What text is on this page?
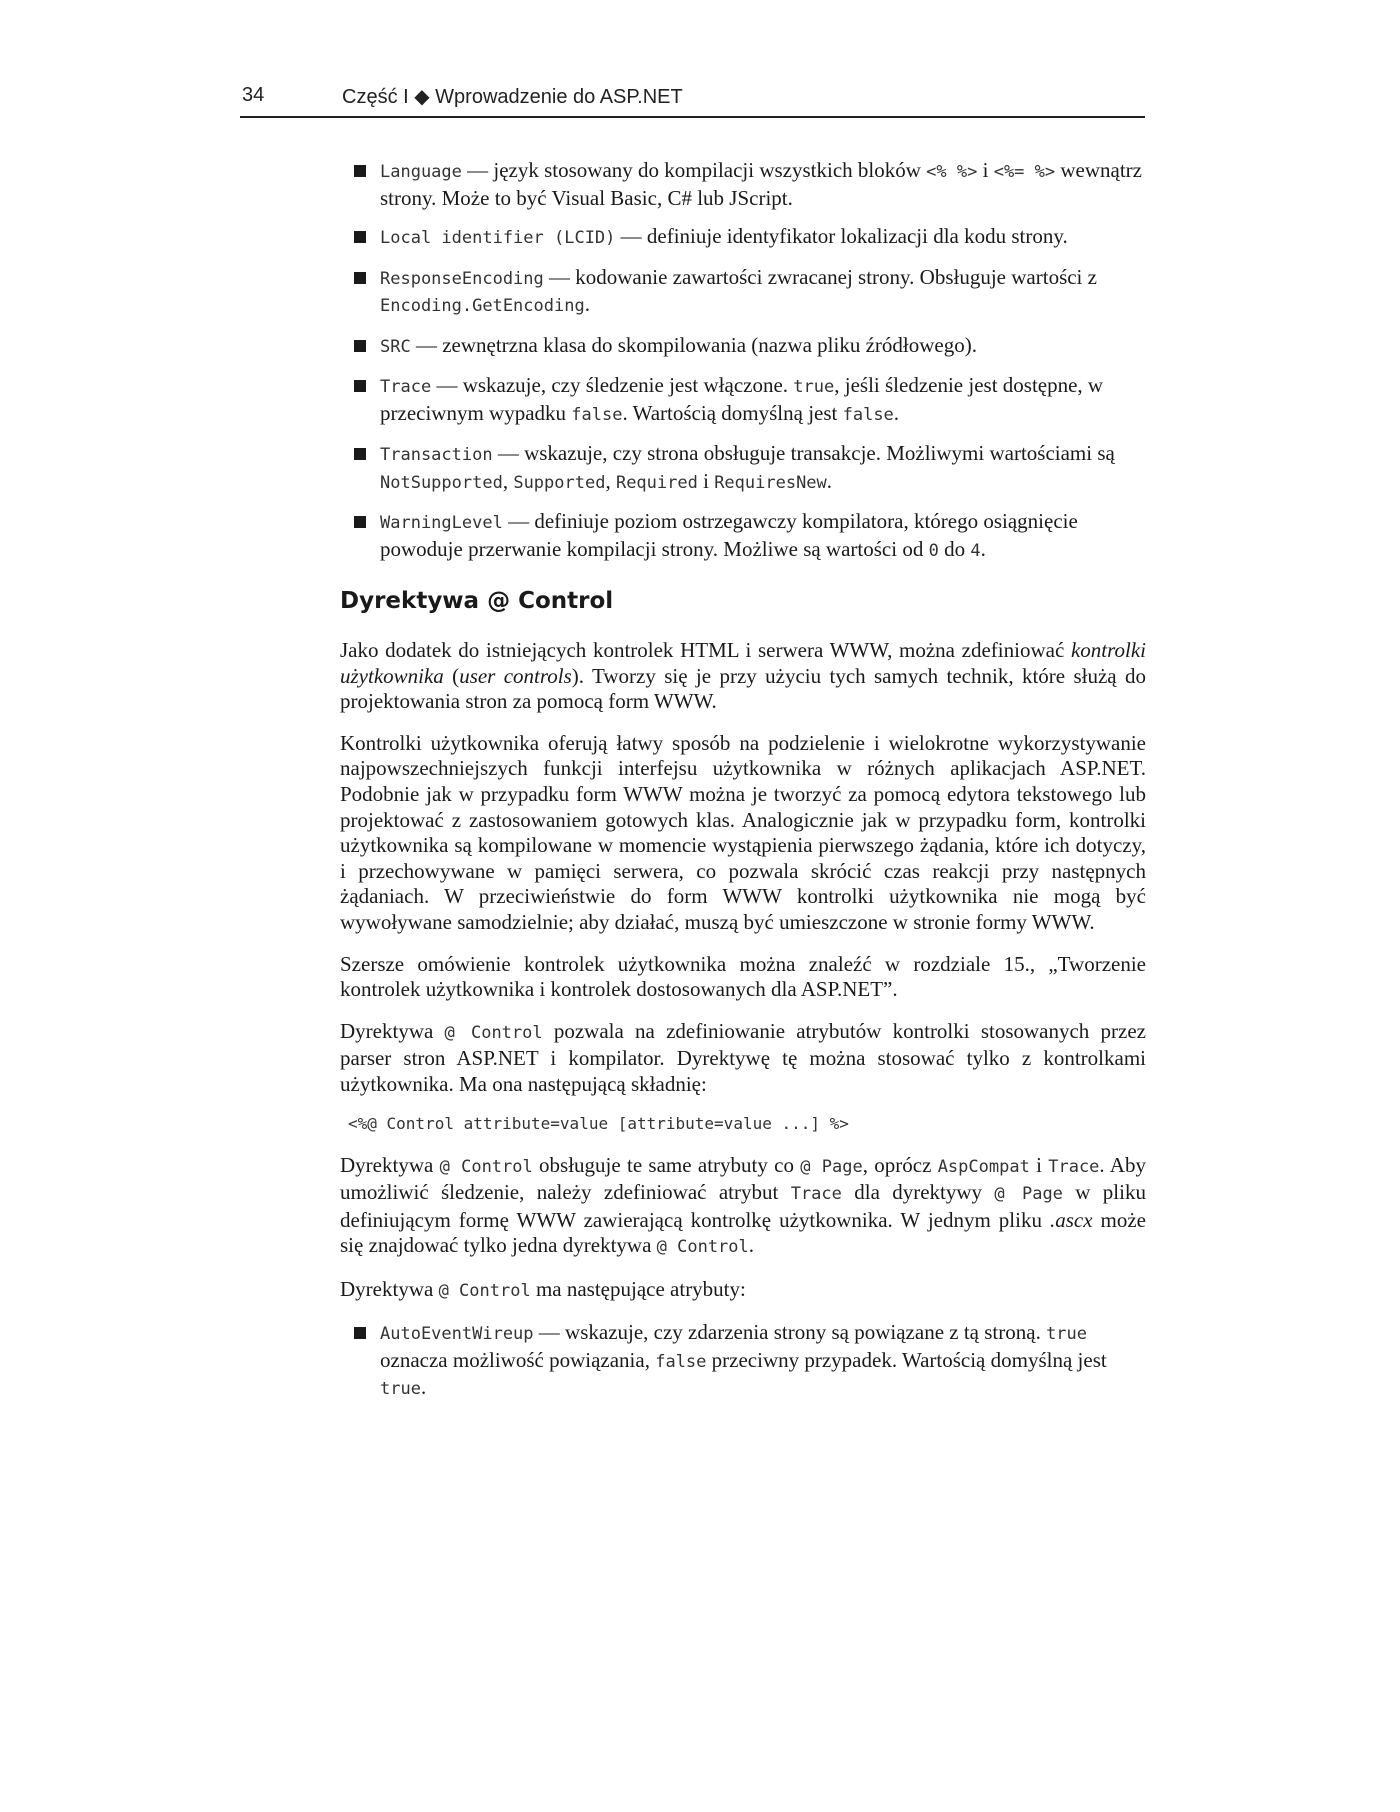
34	Część I ◆ Wprowadzenie do ASP.NET
Language — język stosowany do kompilacji wszystkich bloków <% %> i <%= %> wewnątrz strony. Może to być Visual Basic, C# lub JScript.
Local identifier (LCID) — definiuje identyfikator lokalizacji dla kodu strony.
ResponseEncoding — kodowanie zawartości zwracanej strony. Obsługuje wartości z Encoding.GetEncoding.
SRC — zewnętrzna klasa do skompilowania (nazwa pliku źródłowego).
Trace — wskazuje, czy śledzenie jest włączone. true, jeśli śledzenie jest dostępne, w przeciwnym wypadku false. Wartością domyślną jest false.
Transaction — wskazuje, czy strona obsługuje transakcje. Możliwymi wartościami są NotSupported, Supported, Required i RequiresNew.
WarningLevel — definiuje poziom ostrzegawczy kompilatora, którego osiągnięcie powoduje przerwanie kompilacji strony. Możliwe są wartości od 0 do 4.
Dyrektywa @ Control

Jako dodatek do istniejących kontrolek HTML i serwera WWW, można zdefiniować kontrolki użytkownika (user controls). Tworzy się je przy użyciu tych samych technik, które służą do projektowania stron za pomocą form WWW.

Kontrolki użytkownika oferują łatwy sposób na podzielenie i wielokrotne wykorzystywanie najpowszechniejszych funkcji interfejsu użytkownika w różnych aplikacjach ASP.NET. Podobnie jak w przypadku form WWW można je tworzyć za pomocą edytora tekstowego lub projektować z zastosowaniem gotowych klas. Analogicznie jak w przypadku form, kontrolki użytkownika są kompilowane w momencie wystąpienia pierwszego żądania, które ich dotyczy, i przechowywane w pamięci serwera, co pozwala skrócić czas reakcji przy następnych żądaniach. W przeciwieństwie do form WWW kontrolki użytkownika nie mogą być wywoływane samodzielnie; aby działać, muszą być umieszczone w stronie formy WWW.

Szersze omówienie kontrolek użytkownika można znaleźć w rozdziale 15., „Tworzenie kontrolek użytkownika i kontrolek dostosowanych dla ASP.NET”.

Dyrektywa @ Control pozwala na zdefiniowanie atrybutów kontrolki stosowanych przez parser stron ASP.NET i kompilator. Dyrektywę tę można stosować tylko z kontrolkami użytkownika. Ma ona następującą składnię:

<%@ Control attribute=value [attribute=value ...] %>

Dyrektywa @ Control obsługuje te same atrybuty co @ Page, oprócz AspCompat i Trace. Aby umożliwić śledzenie, należy zdefiniować atrybut Trace dla dyrektywy @ Page w pliku definiującym formę WWW zawierającą kontrolkę użytkownika. W jednym pliku .ascx może się znajdować tylko jedna dyrektywa @ Control.

Dyrektywa @ Control ma następujące atrybuty:

AutoEventWireup — wskazuje, czy zdarzenia strony są powiązane z tą stroną. true oznacza możliwość powiązania, false przeciwny przypadek. Wartością domyślną jest true.
